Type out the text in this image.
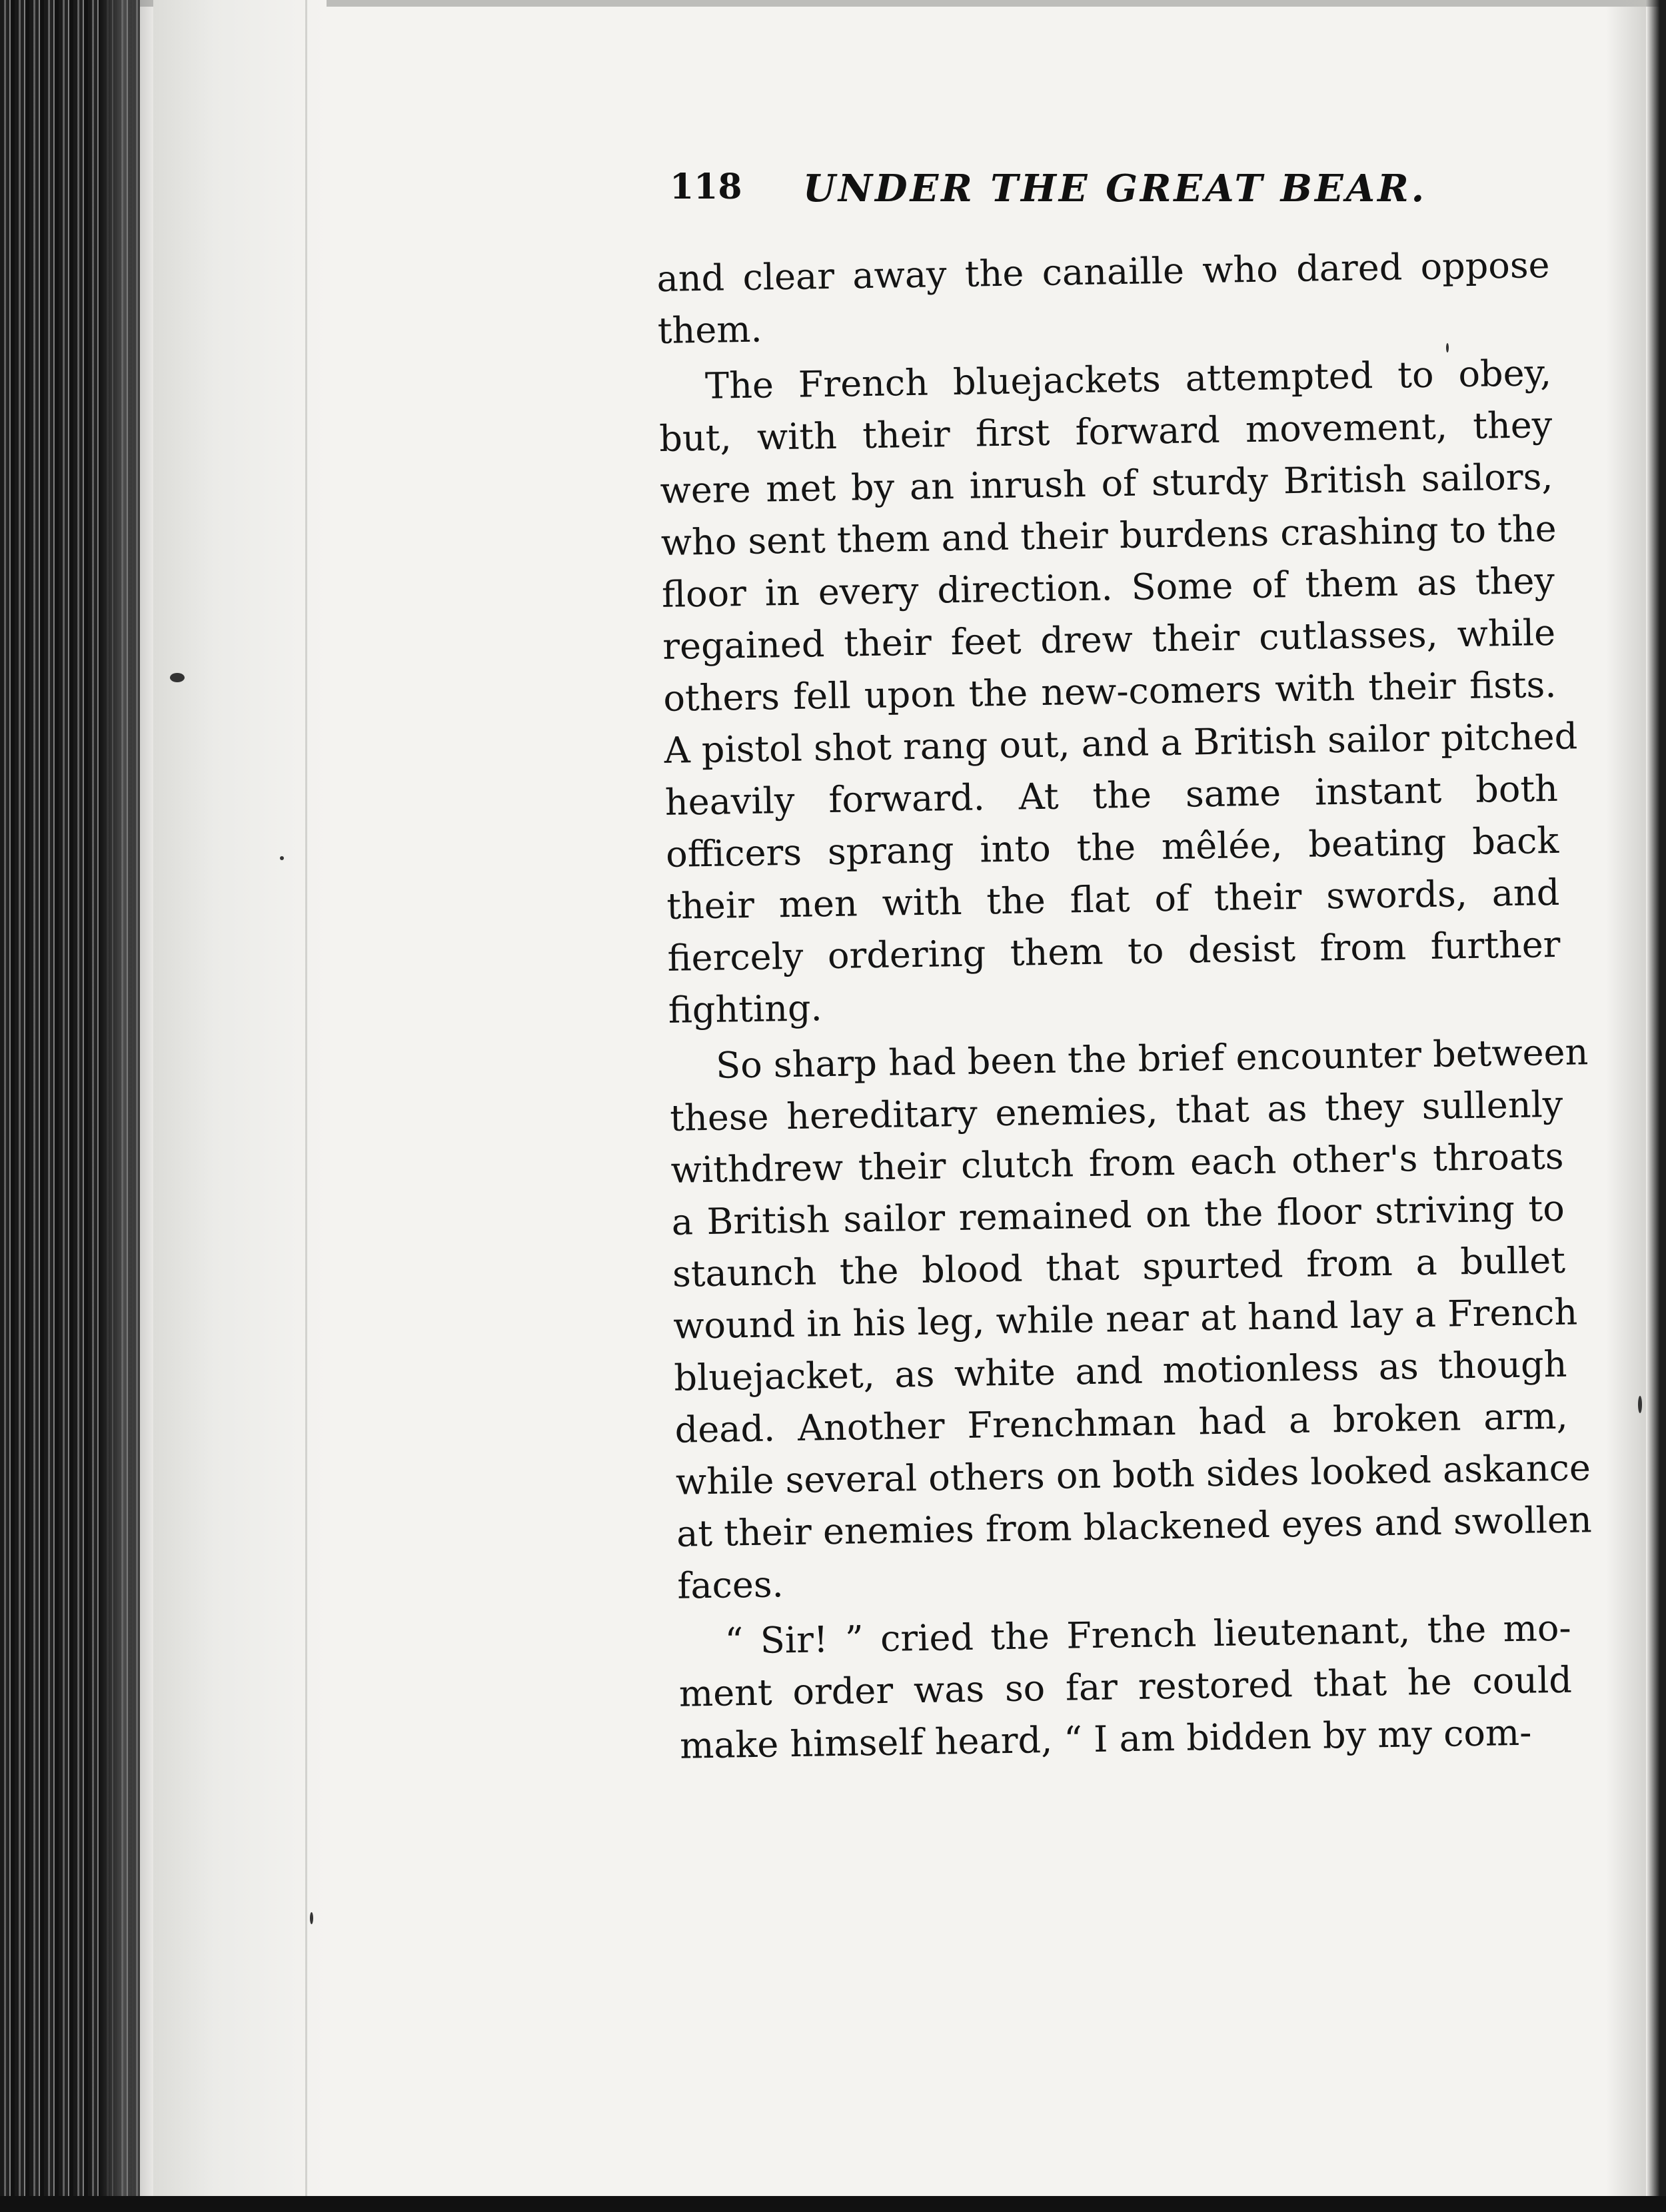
118 UNDER THE GREAT BEAR.
and clear away the canaille who dared oppose
them.
The French bluejackets attempted to obey,
but, with their first forward movement, they
were met by an inrush of sturdy British sailors,
who sent them and their burdens crashing to the
floor in every direction. Some of them as they
regained their feet drew their cutlasses, while
others fell upon the new-comers with their fists.
A pistol shot rang out, and a British sailor pitched
heavily forward. At the same instant both
officers sprang into the mêlée, beating back
their men with the flat of their swords, and
fiercely ordering them to desist from further
fighting.
So sharp had been the brief encounter between
these hereditary enemies, that as they sullenly
withdrew their clutch from each other's throats
a British sailor remained on the floor striving to
staunch the blood that spurted from a bullet
wound in his leg, while near at hand lay a French
bluejacket, as white and motionless as though
dead. Another Frenchman had a broken arm,
while several others on both sides looked askance
at their enemies from blackened eyes and swollen
faces.
“ Sir! ” cried the French lieutenant, the mo-
ment order was so far restored that he could
make himself heard, “ I am bidden by my com-
